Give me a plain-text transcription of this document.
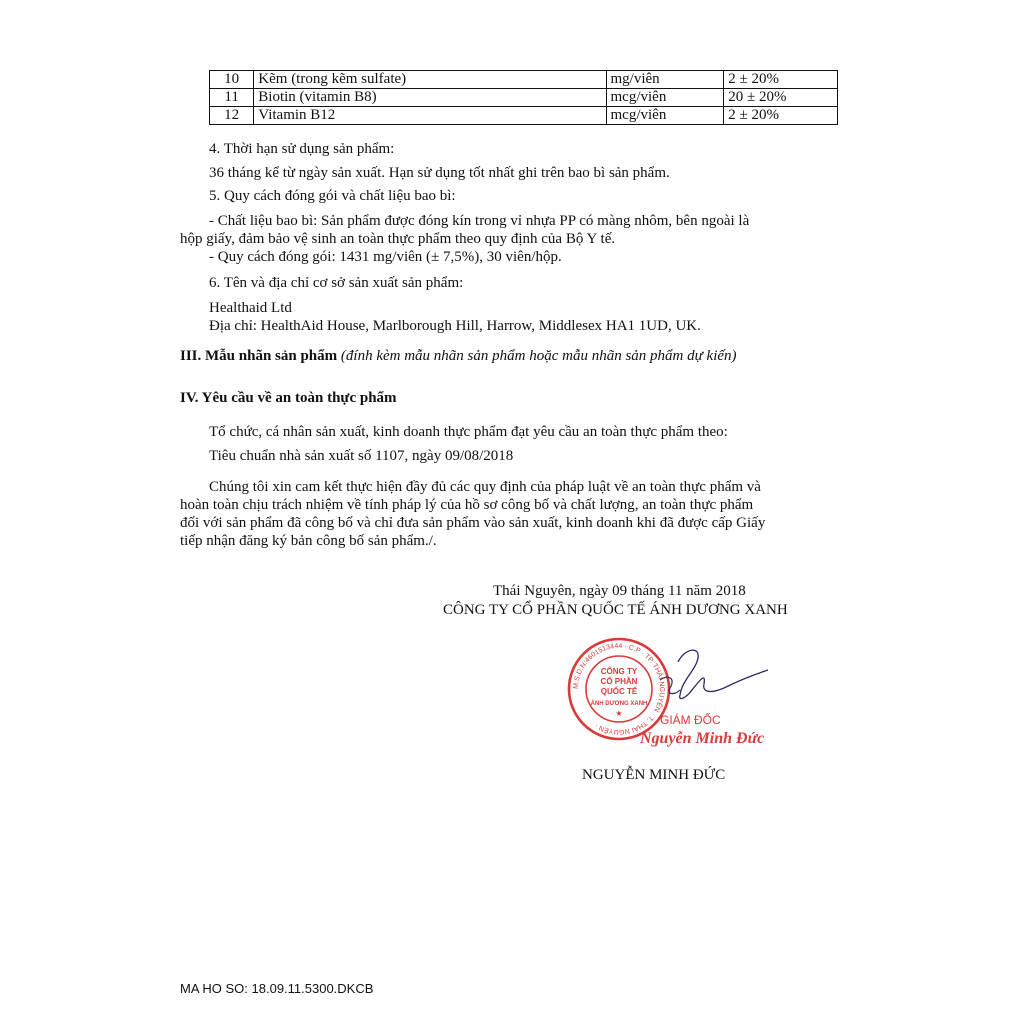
10	Kẽm (trong kẽm sulfate)	mg/viên	2 ± 20%
11	Biotin (vitamin B8)	mcg/viên	20 ± 20%
12	Vitamin B12	mcg/viên	2 ± 20%
4. Thời hạn sử dụng sản phẩm:
36 tháng kể từ ngày sản xuất. Hạn sử dụng tốt nhất ghi trên bao bì sản phẩm.
5. Quy cách đóng gói và chất liệu bao bì:
- Chất liệu bao bì: Sản phẩm được đóng kín trong vỉ nhựa PP có màng nhôm, bên ngoài là
hộp giấy, đảm bảo vệ sinh an toàn thực phẩm theo quy định của Bộ Y tế.
- Quy cách đóng gói: 1431 mg/viên (± 7,5%), 30 viên/hộp.
6. Tên và địa chỉ cơ sở sản xuất sản phẩm:
Healthaid Ltd
Địa chỉ: HealthAid House, Marlborough Hill, Harrow, Middlesex HA1 1UD, UK.
III. Mẫu nhãn sản phẩm (đính kèm mẫu nhãn sản phẩm hoặc mẫu nhãn sản phẩm dự kiến)
IV. Yêu cầu về an toàn thực phẩm
Tổ chức, cá nhân sản xuất, kinh doanh thực phẩm đạt yêu cầu an toàn thực phẩm theo:
Tiêu chuẩn nhà sản xuất số 1107, ngày 09/08/2018
Chúng tôi xin cam kết thực hiện đầy đủ các quy định của pháp luật về an toàn thực phẩm và
hoàn toàn chịu trách nhiệm về tính pháp lý của hồ sơ công bố và chất lượng, an toàn thực phẩm
đối với sản phẩm đã công bố và chỉ đưa sản phẩm vào sản xuất, kinh doanh khi đã được cấp Giấy
tiếp nhận đăng ký bản công bố sản phẩm./.
Thái Nguyên, ngày 09 tháng 11 năm 2018
CÔNG TY CỔ PHẦN QUỐC TẾ ÁNH DƯƠNG XANH
M.S.D.N:4601513444 · C.P · TP. THÁI NGUYÊN · T. THÁI NGUYÊN ·
CÔNG TY
CỔ PHẦN
QUỐC TẾ
ÁNH DƯƠNG XANH
★	GIÁM ĐỐC
Nguyễn Minh Đức
NGUYỄN MINH ĐỨC
MA HO SO: 18.09.11.5300.DKCB
